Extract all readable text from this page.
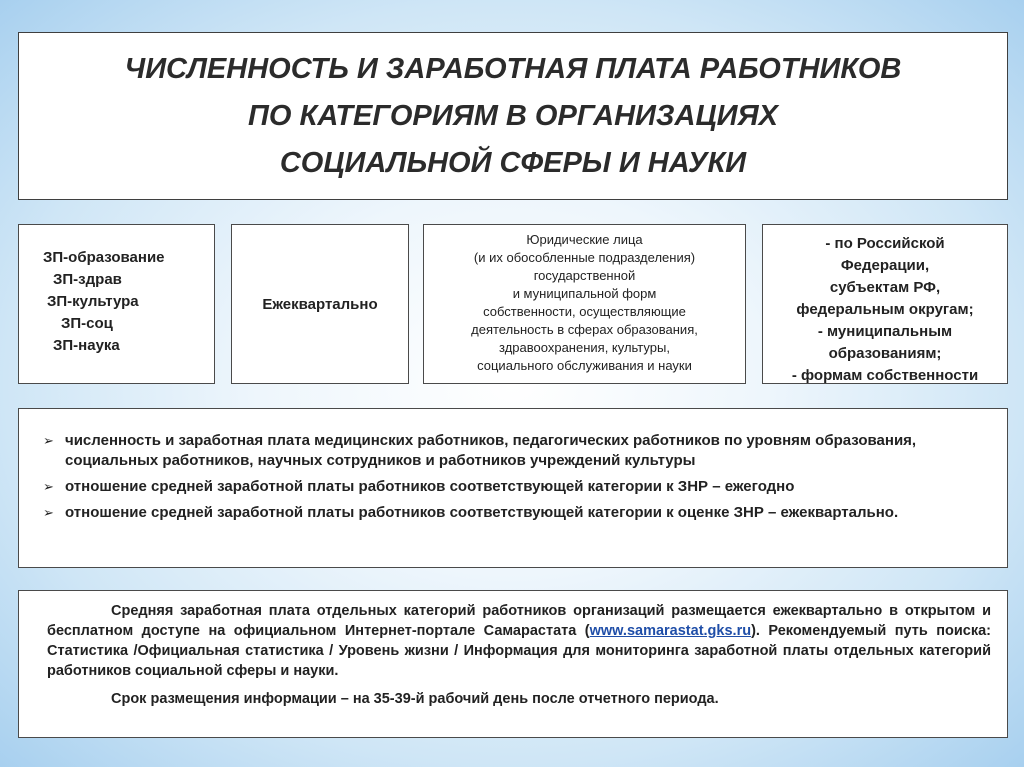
ЧИСЛЕННОСТЬ И ЗАРАБОТНАЯ ПЛАТА РАБОТНИКОВ
ПО КАТЕГОРИЯМ В ОРГАНИЗАЦИЯХ
СОЦИАЛЬНОЙ СФЕРЫ И НАУКИ
ЗП-образование
ЗП-здрав
ЗП-культура
ЗП-соц
ЗП-наука
Ежеквартально
Юридические лица
(и их обособленные подразделения)
государственной
и муниципальной форм
собственности, осуществляющие
деятельность в сферах образования,
здравоохранения, культуры,
социального обслуживания и науки
- по Российской
Федерации,
субъектам РФ,
федеральным округам;
- муниципальным
образованиям;
- формам собственности
➢ численность и заработная плата медицинских работников, педагогических работников по уровням образования, социальных работников, научных сотрудников и работников учреждений культуры
➢ отношение средней заработной платы работников соответствующей категории к ЗНР – ежегодно
➢ отношение средней заработной платы работников соответствующей категории к оценке ЗНР – ежеквартально.

Средняя заработная плата отдельных категорий работников организаций размещается ежеквартально в открытом и бесплатном доступе на официальном Интернет-портале Самарастата (www.samarastat.gks.ru). Рекомендуемый путь поиска: Статистика /Официальная статистика / Уровень жизни / Информация для мониторинга заработной платы отдельных категорий работников социальной сферы и науки.

Срок размещения информации – на 35-39-й рабочий день после отчетного периода.
